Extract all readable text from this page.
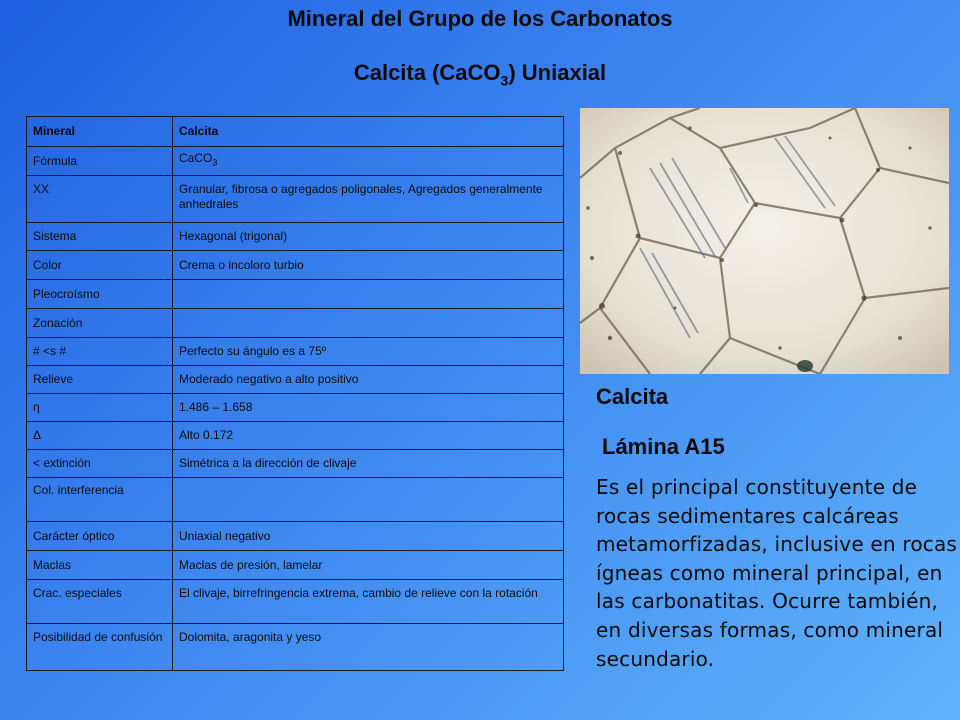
Mineral del Grupo de los Carbonatos
Calcita (CaCO$_3$) Uniaxial
Mineral	Calcita
Fórmula	CaCO$_3$
XX	Granular, fibrosa o agregados poligonales, Agregados generalmente anhedrales
Sistema	Hexagonal (trigonal)
Color	Crema o incoloro turbio
Pleocroísmo	
Zonación	
# <s #	Perfecto su ángulo es a 75º
Relieve	Moderado negativo a alto positivo
η	1.486 – 1.658
Δ	Alto 0.172
< extinción	Simétrica a la dirección de clivaje
Col. interferencia	
Carácter óptico	Uniaxial negativo
Maclas	Maclas de presión, lamelar
Crac. especiales	El clivaje, birrefringencia extrema, cambio de relieve con la rotación
Posibilidad de confusión	Dolomita, aragonita y yeso
Calcita
Lámina A15

Es el principal constituyente de rocas sedimentares calcáreas metamorfizadas, inclusive en rocas ígneas como mineral principal, en las carbonatitas. Ocurre también, en diversas formas, como mineral secundario.
